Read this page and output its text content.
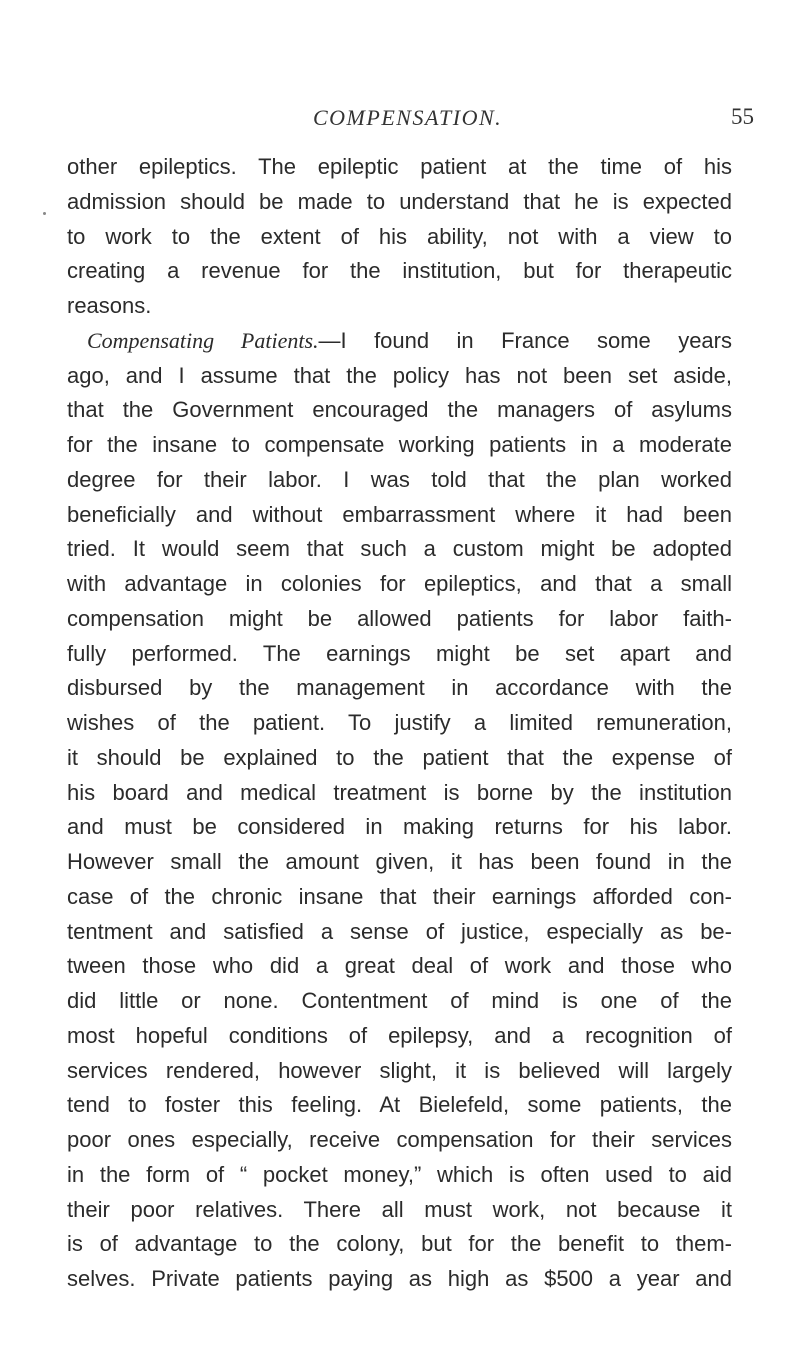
COMPENSATION.	55
other epileptics. The epileptic patient at the time of his
admission should be made to understand that he is expected
to work to the extent of his ability, not with a view to
creating a revenue for the institution, but for therapeutic
reasons.
Compensating Patients.—I found in France some years
ago, and I assume that the policy has not been set aside,
that the Government encouraged the managers of asylums
for the insane to compensate working patients in a moderate
degree for their labor. I was told that the plan worked
beneficially and without embarrassment where it had been
tried. It would seem that such a custom might be adopted
with advantage in colonies for epileptics, and that a small
compensation might be allowed patients for labor faith-
fully performed. The earnings might be set apart and
disbursed by the management in accordance with the
wishes of the patient. To justify a limited remuneration,
it should be explained to the patient that the expense of
his board and medical treatment is borne by the institution
and must be considered in making returns for his labor.
However small the amount given, it has been found in the
case of the chronic insane that their earnings afforded con-
tentment and satisfied a sense of justice, especially as be-
tween those who did a great deal of work and those who
did little or none. Contentment of mind is one of the
most hopeful conditions of epilepsy, and a recognition of
services rendered, however slight, it is believed will largely
tend to foster this feeling. At Bielefeld, some patients, the
poor ones especially, receive compensation for their services
in the form of “ pocket money,” which is often used to aid
their poor relatives. There all must work, not because it
is of advantage to the colony, but for the benefit to them-
selves. Private patients paying as high as $500 a year and
